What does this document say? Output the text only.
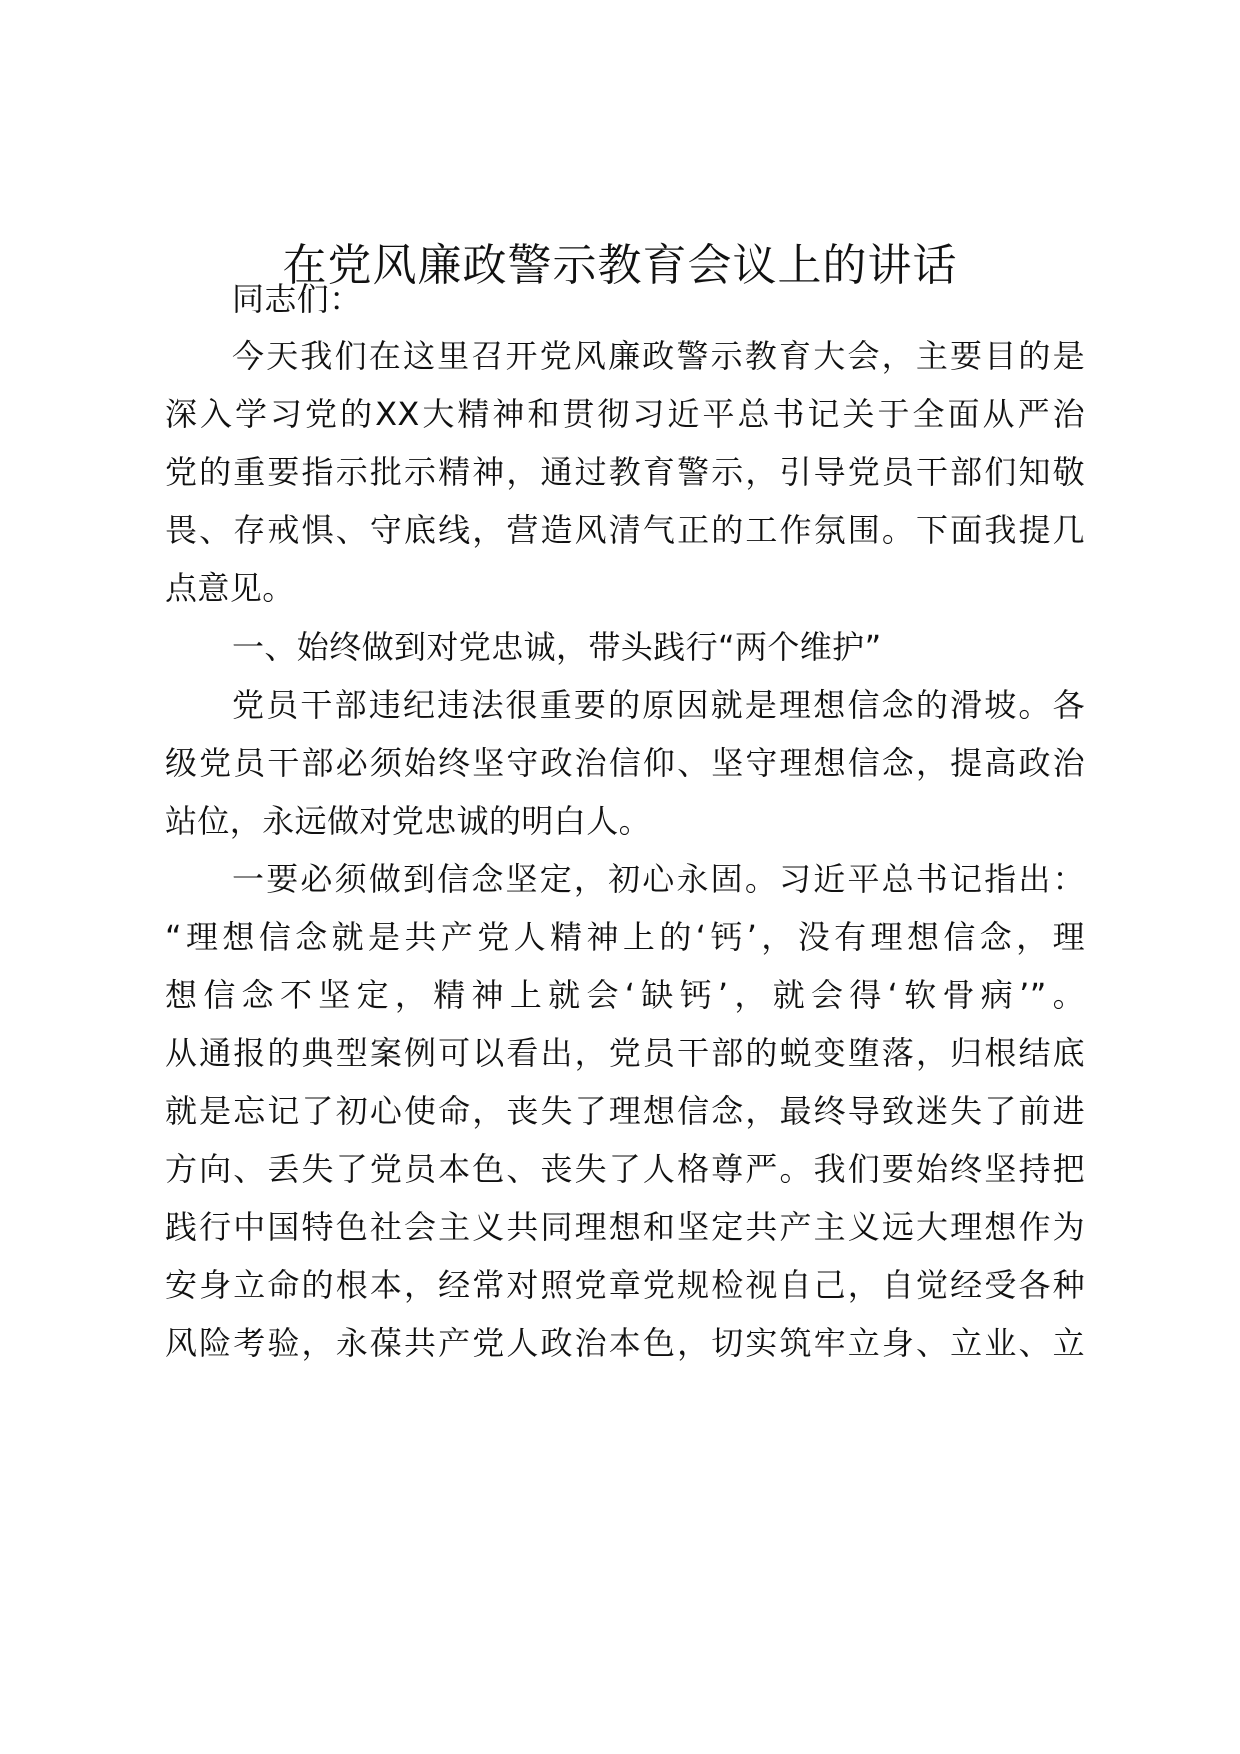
在党风廉政警示教育会议上的讲话
同志们：
今天我们在这里召开党风廉政警示教育大会，主要目的是
深入学习党的XX大精神和贯彻习近平总书记关于全面从严治
党的重要指示批示精神，通过教育警示，引导党员干部们知敬
畏、存戒惧、守底线，营造风清气正的工作氛围。下面我提几
点意见。
一、始终做到对党忠诚，带头践行“两个维护”
党员干部违纪违法很重要的原因就是理想信念的滑坡。各
级党员干部必须始终坚守政治信仰、坚守理想信念，提高政治
站位，永远做对党忠诚的明白人。
一要必须做到信念坚定，初心永固。习近平总书记指出：
“理想信念就是共产党人精神上的‘钙’，没有理想信念，理
想信念不坚定，精神上就会‘缺钙’，就会得‘软骨病’”。
从通报的典型案例可以看出，党员干部的蜕变堕落，归根结底
就是忘记了初心使命，丧失了理想信念，最终导致迷失了前进
方向、丢失了党员本色、丧失了人格尊严。我们要始终坚持把
践行中国特色社会主义共同理想和坚定共产主义远大理想作为
安身立命的根本，经常对照党章党规检视自己，自觉经受各种
风险考验，永葆共产党人政治本色，切实筑牢立身、立业、立
